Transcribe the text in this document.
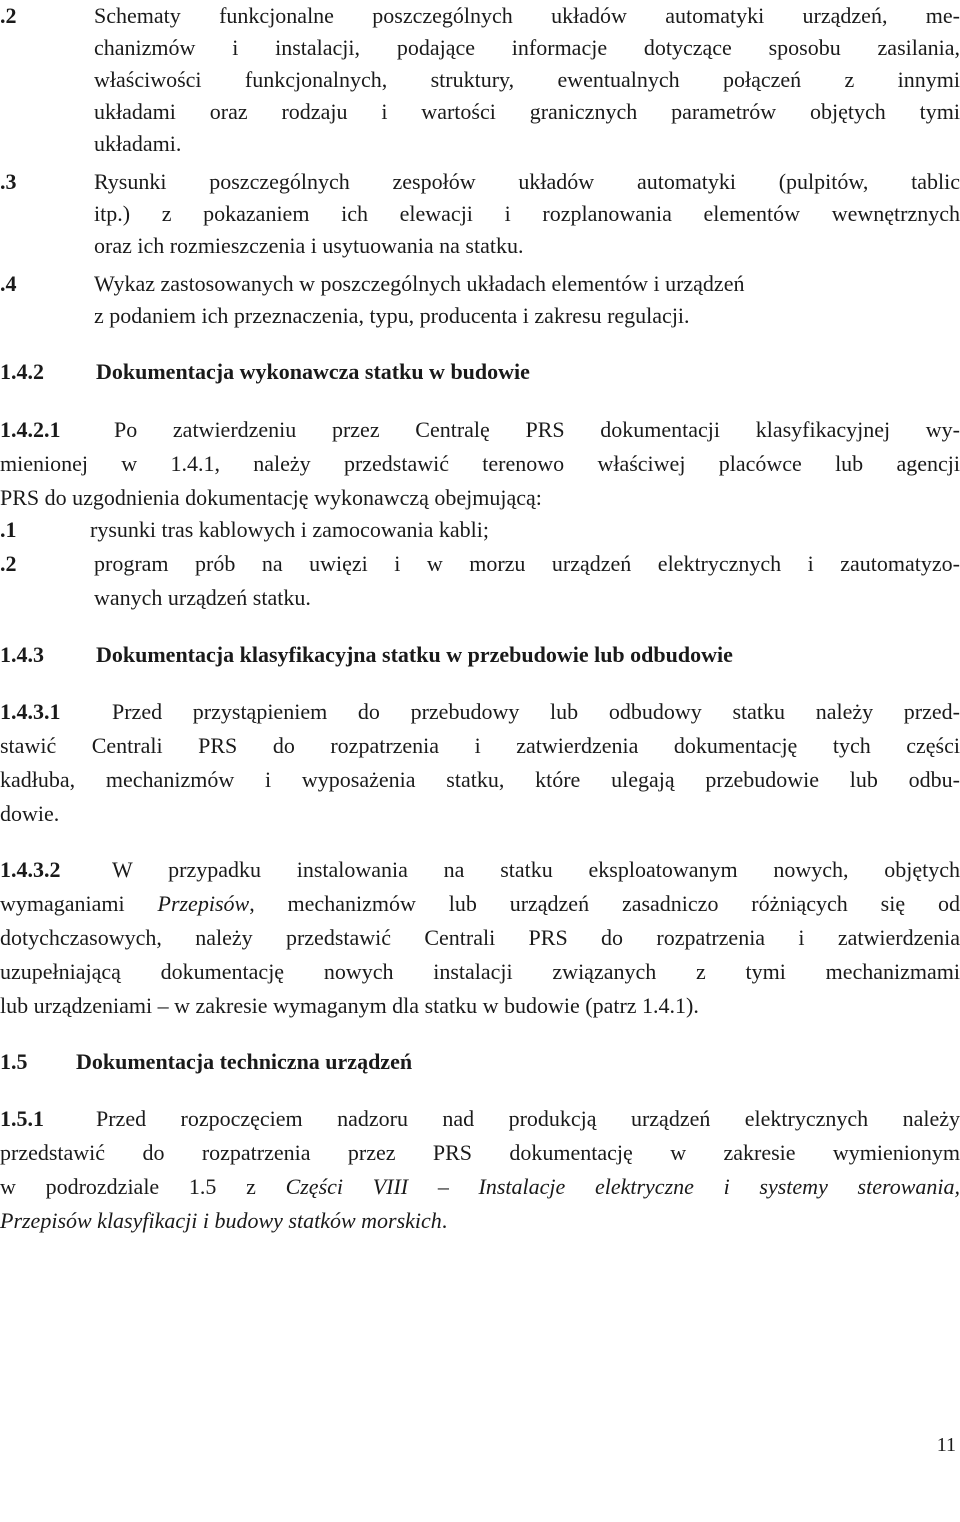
.2	Schematy funkcjonalne poszczególnych układów automatyki urządzeń, me-
chanizmów i instalacji, podające informacje dotyczące sposobu zasilania,
właściwości funkcjonalnych, struktury, ewentualnych połączeń z innymi
układami oraz rodzaju i wartości granicznych parametrów objętych tymi
układami.
.3	Rysunki poszczególnych zespołów układów automatyki (pulpitów, tablic
itp.) z pokazaniem ich elewacji i rozplanowania elementów wewnętrznych
oraz ich rozmieszczenia i usytuowania na statku.
.4	Wykaz zastosowanych w poszczególnych układach elementów i urządzeń
z podaniem ich przeznaczenia, typu, producenta i zakresu regulacji.
1.4.2 Dokumentacja wykonawcza statku w budowie
1.4.2.1 Po zatwierdzeniu przez Centralę PRS dokumentacji klasyfikacyjnej wy-
mienionej w 1.4.1, należy przedstawić terenowo właściwej placówce lub agencji
PRS do uzgodnienia dokumentację wykonawczą obejmującą:
.1	rysunki tras kablowych i zamocowania kabli;
.2	program prób na uwięzi i w morzu urządzeń elektrycznych i zautomatyzo-
wanych urządzeń statku.
1.4.3 Dokumentacja klasyfikacyjna statku w przebudowie lub odbudowie
1.4.3.1 Przed przystąpieniem do przebudowy lub odbudowy statku należy przed-
stawić Centrali PRS do rozpatrzenia i zatwierdzenia dokumentację tych części
kadłuba, mechanizmów i wyposażenia statku, które ulegają przebudowie lub odbu-
dowie.
1.4.3.2 W przypadku instalowania na statku eksploatowanym nowych, objętych
wymaganiami Przepisów, mechanizmów lub urządzeń zasadniczo różniących się od
dotychczasowych, należy przedstawić Centrali PRS do rozpatrzenia i zatwierdzenia
uzupełniającą dokumentację nowych instalacji związanych z tymi mechanizmami
lub urządzeniami – w zakresie wymaganym dla statku w budowie (patrz 1.4.1).
1.5 Dokumentacja techniczna urządzeń
1.5.1 Przed rozpoczęciem nadzoru nad produkcją urządzeń elektrycznych należy
przedstawić do rozpatrzenia przez PRS dokumentację w zakresie wymienionym
w podrozdziale 1.5 z Części VIII – Instalacje elektryczne i systemy sterowania,
Przepisów klasyfikacji i budowy statków morskich.
11
